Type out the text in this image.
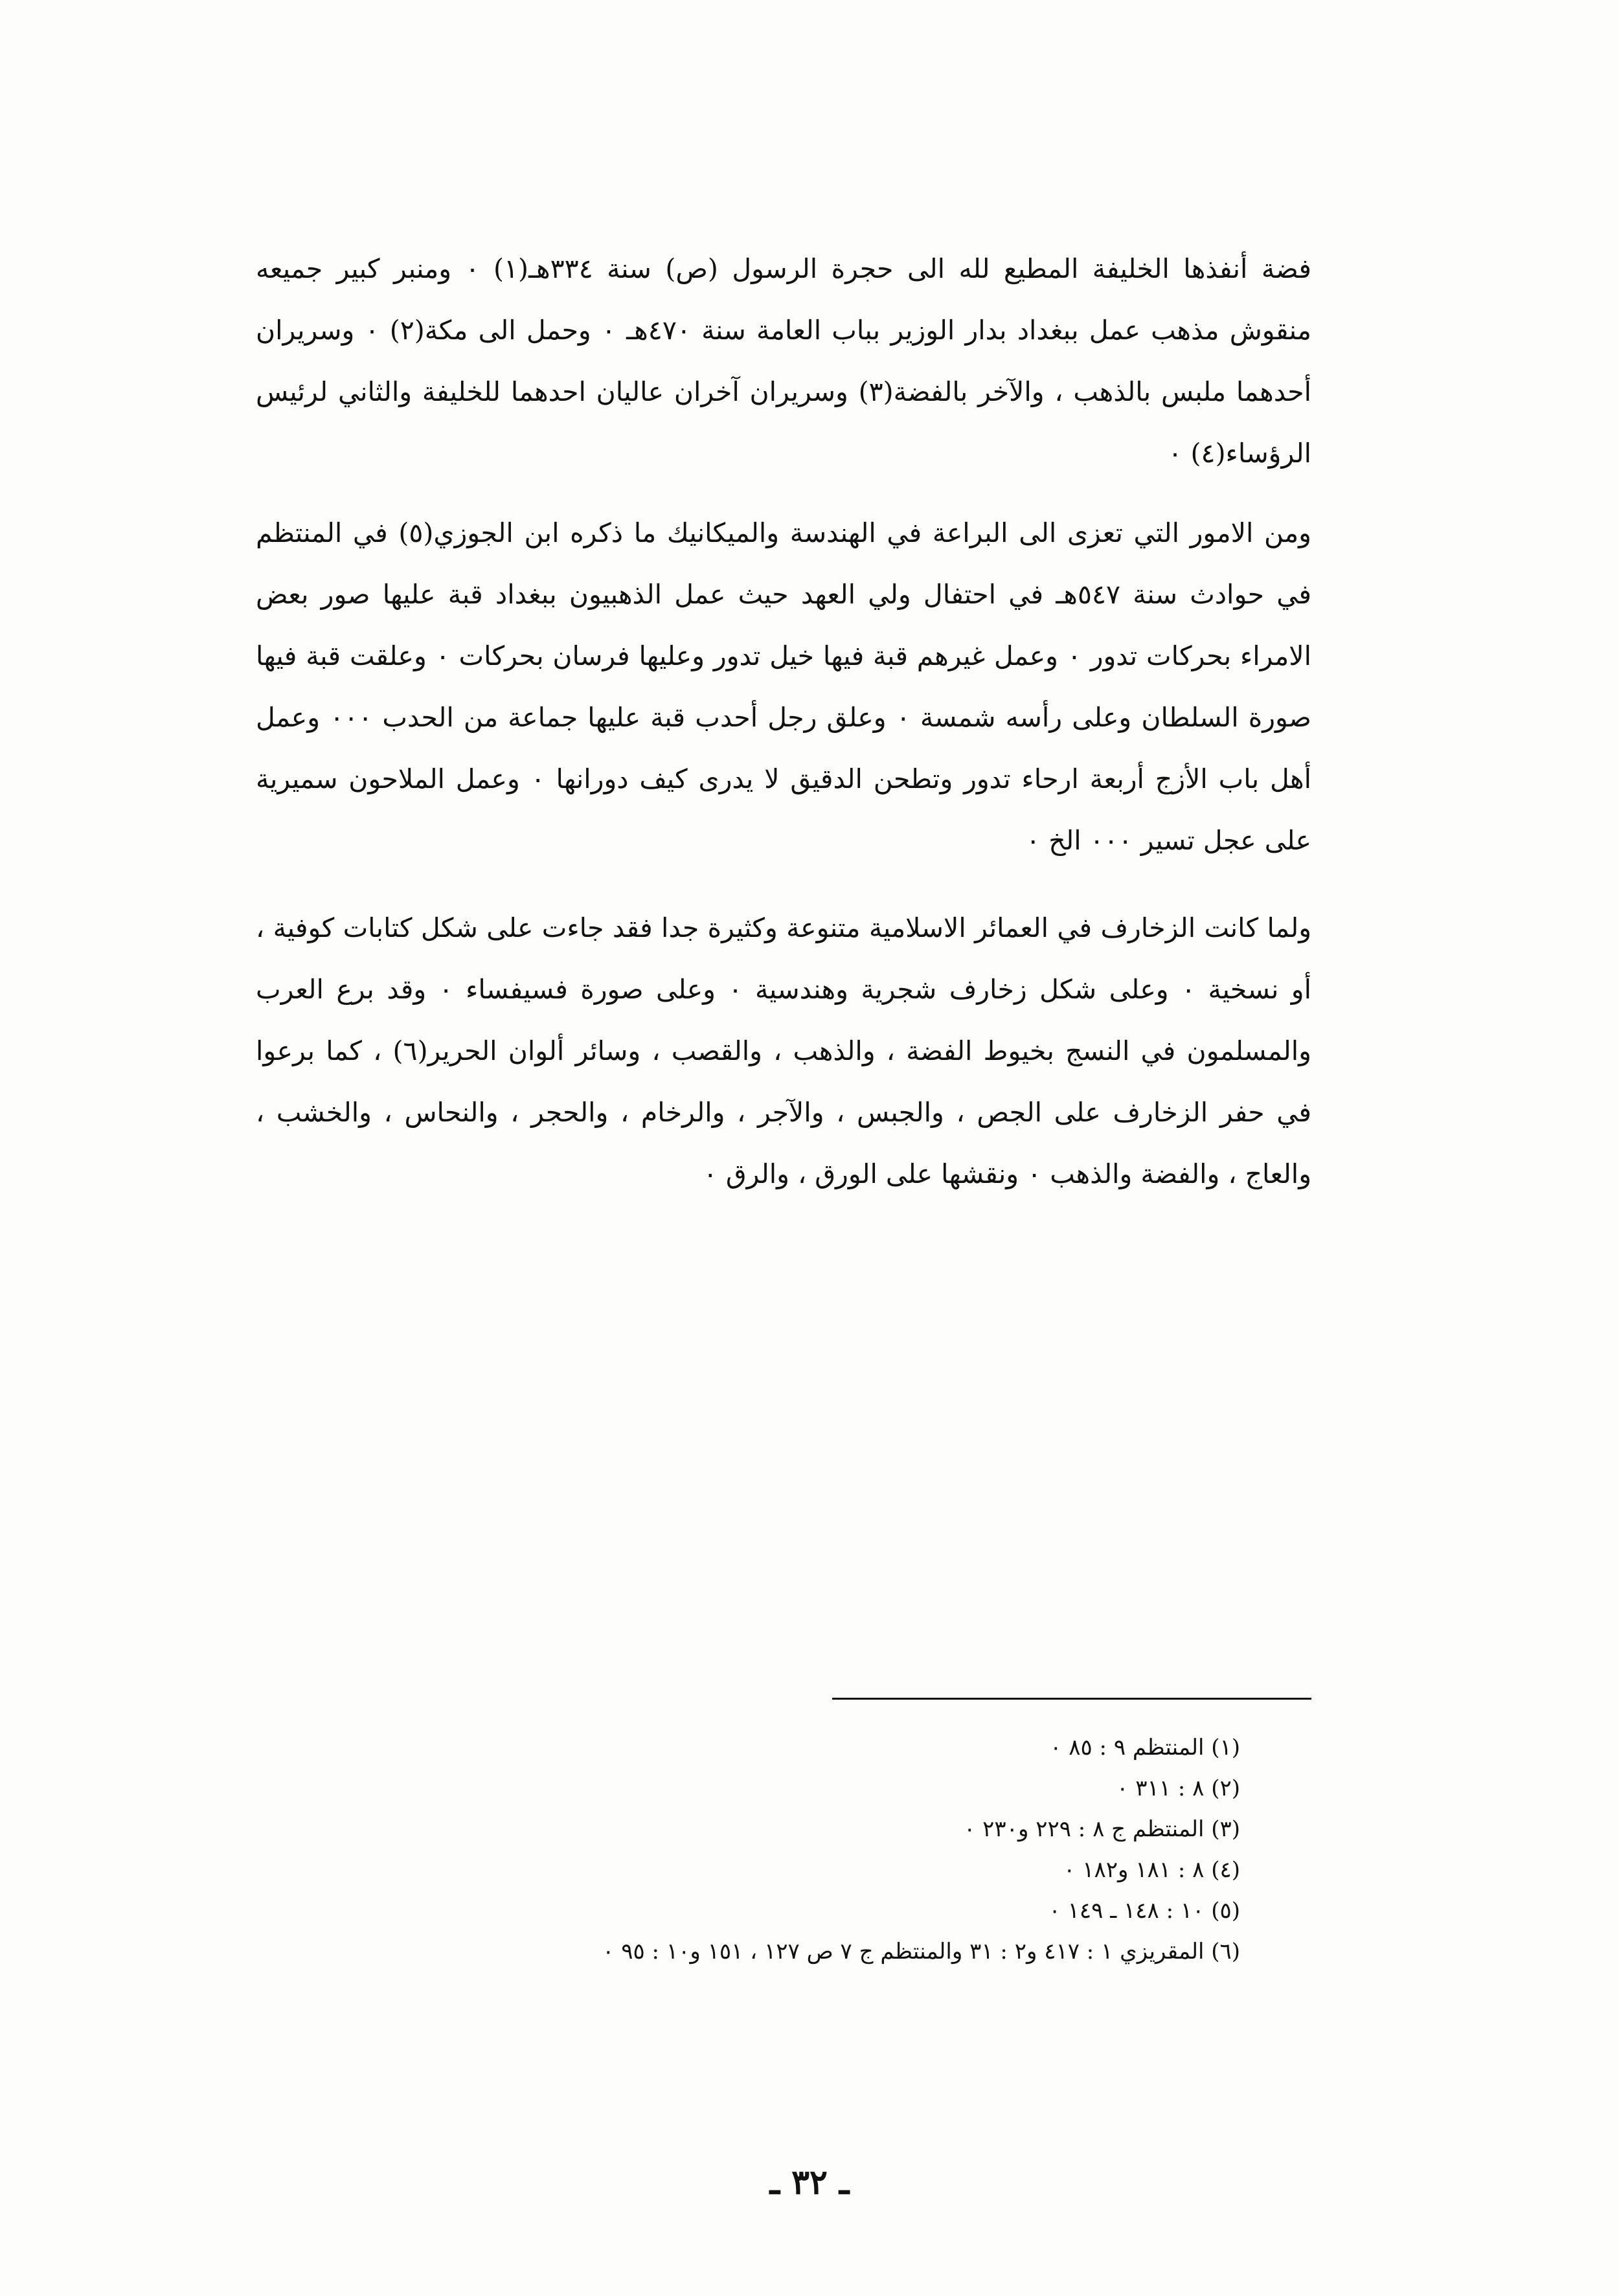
فضة أنفذها الخليفة المطيع لله الى حجرة الرسول (ص) سنة ٣٣٤هـ(١) ٠ ومنبر كبير جميعه منقوش مذهب عمل ببغداد بدار الوزير بباب العامة سنة ٤٧٠هـ ٠ وحمل الى مكة(٢) ٠ وسريران أحدهما ملبس بالذهب ، والآخر بالفضة(٣) وسريران آخران عاليان احدهما للخليفة والثاني لرئيس الرؤساء(٤) ٠

ومن الامور التي تعزى الى البراعة في الهندسة والميكانيك ما ذكره ابن الجوزي(٥) في المنتظم في حوادث سنة ٥٤٧هـ في احتفال ولي العهد حيث عمل الذهبيون ببغداد قبة عليها صور بعض الامراء بحركات تدور ٠ وعمل غيرهم قبة فيها خيل تدور وعليها فرسان بحركات ٠ وعلقت قبة فيها صورة السلطان وعلى رأسه شمسة ٠ وعلق رجل أحدب قبة عليها جماعة من الحدب ٠٠٠ وعمل أهل باب الأزج أربعة ارحاء تدور وتطحن الدقيق لا يدرى كيف دورانها ٠ وعمل الملاحون سميرية على عجل تسير ٠٠٠ الخ ٠

ولما كانت الزخارف في العمائر الاسلامية متنوعة وكثيرة جدا فقد جاءت على شكل كتابات كوفية ، أو نسخية ٠ وعلى شكل زخارف شجرية وهندسية ٠ وعلى صورة فسيفساء ٠ وقد برع العرب والمسلمون في النسج بخيوط الفضة ، والذهب ، والقصب ، وسائر ألوان الحرير(٦) ، كما برعوا في حفر الزخارف على الجص ، والجبس ، والآجر ، والرخام ، والحجر ، والنحاس ، والخشب ، والعاج ، والفضة والذهب ٠ ونقشها على الورق ، والرق ٠

(١) المنتظم ٩ : ٨٥ ٠
(٢) ٨ : ٣١١ ٠
(٣) المنتظم ج ٨ : ٢٢٩ و٢٣٠ ٠
(٤) ٨ : ١٨١ و١٨٢ ٠
(٥) ١٠ : ١٤٨ ـ ١٤٩ ٠
(٦) المقريزي ١ : ٤١٧ و٢ : ٣١ والمنتظم ج ٧ ص ١٢٧ ، ١٥١ و١٠ : ٩٥ ٠
ـ ٣٢ ـ
